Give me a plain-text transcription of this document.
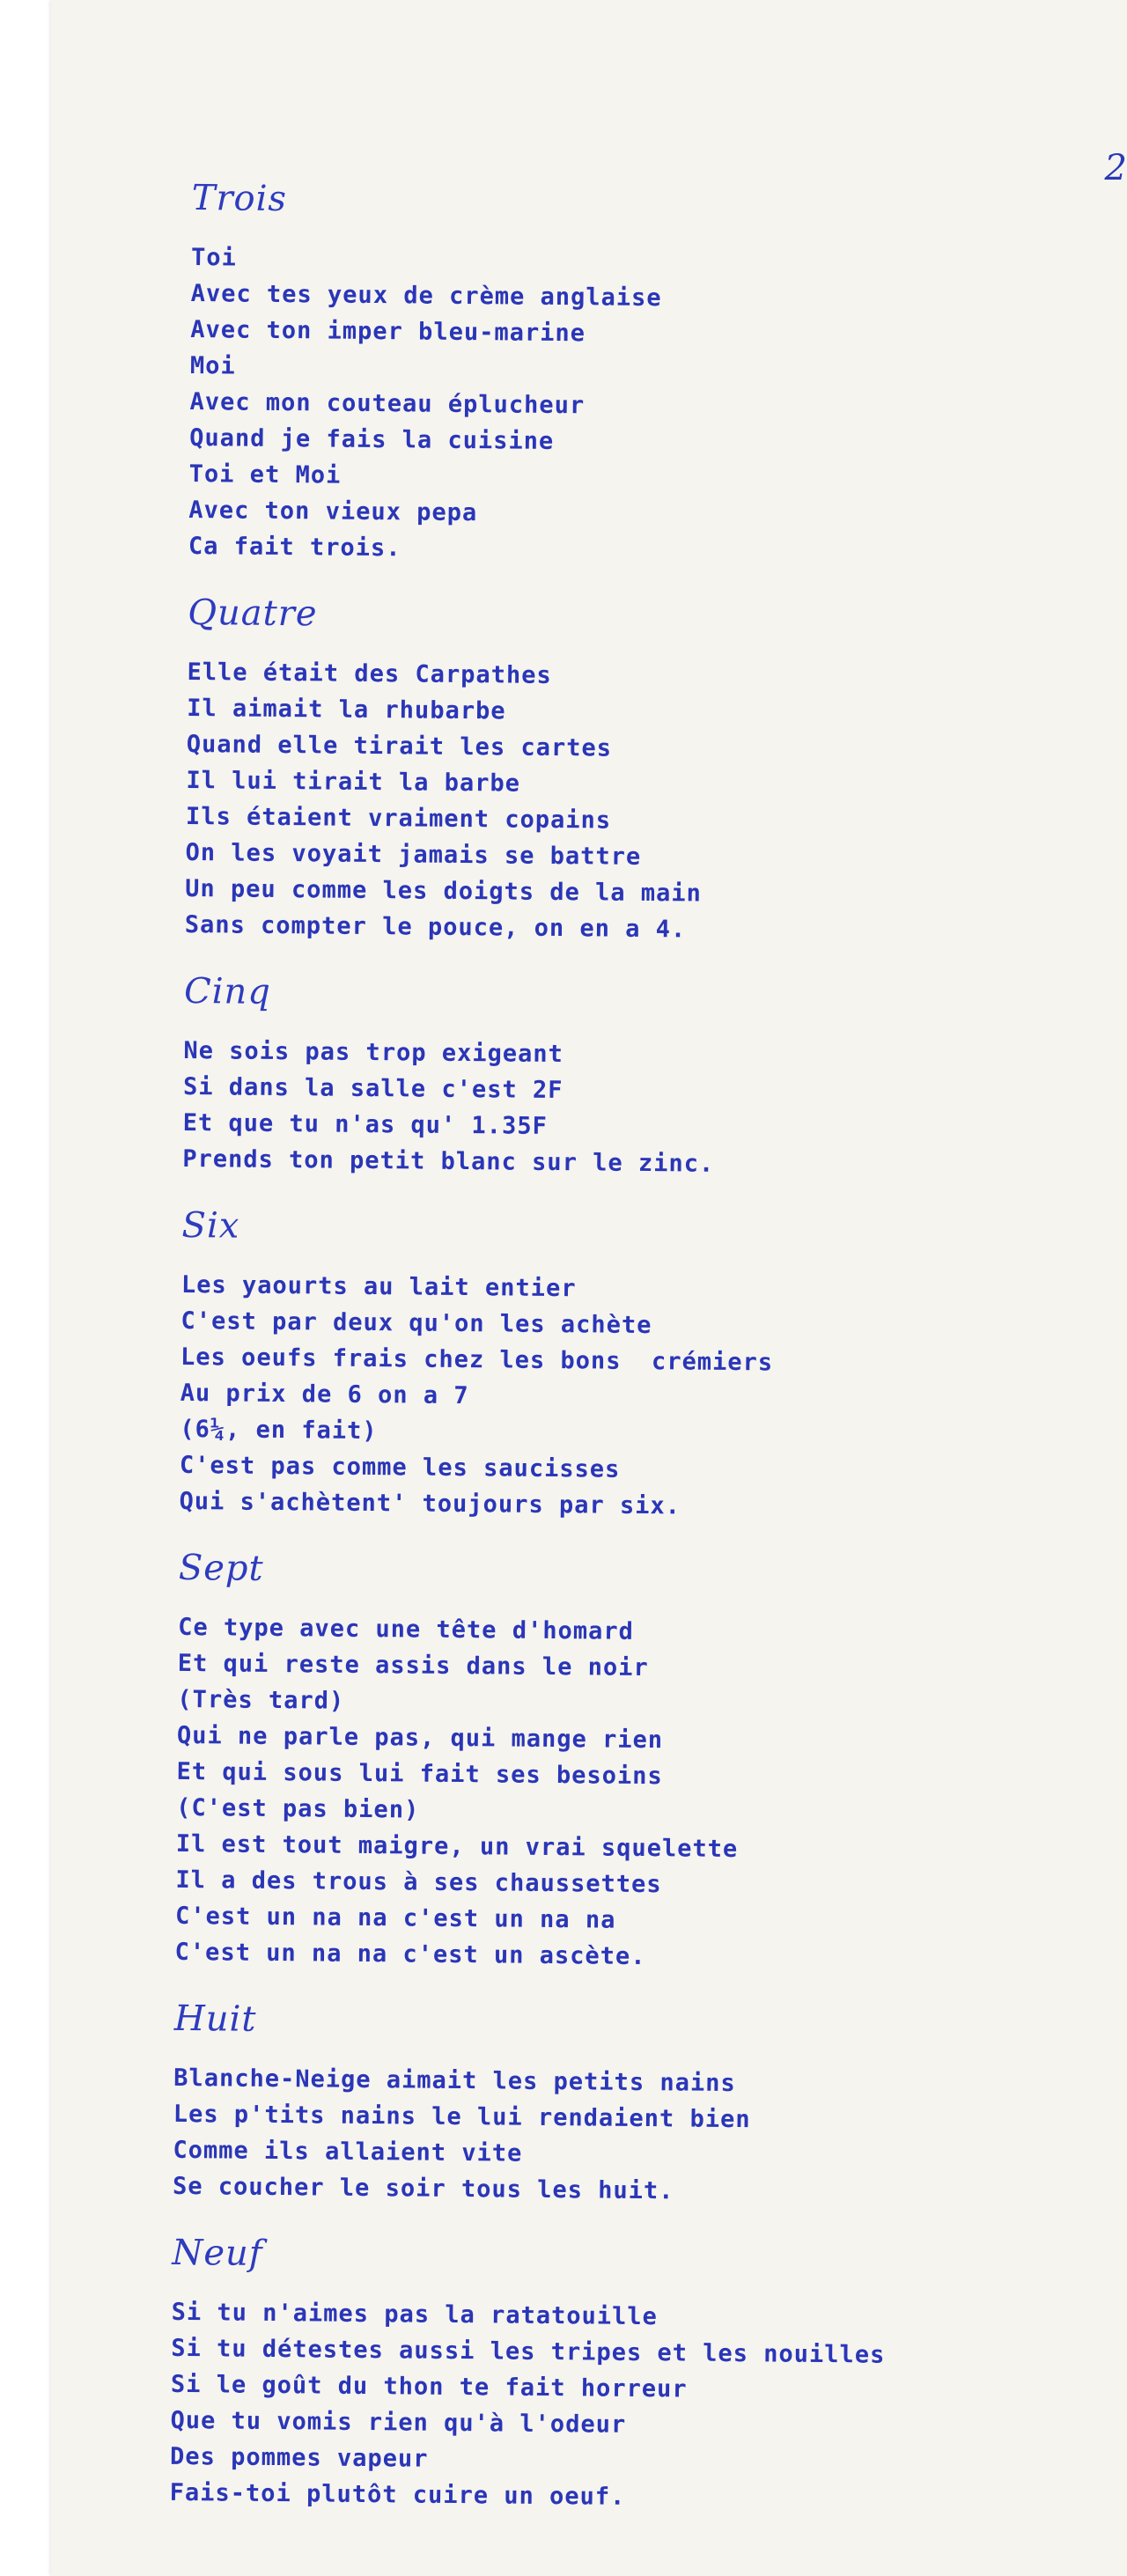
2
Trois
Toi
Avec tes yeux de crème anglaise
Avec ton imper bleu-marine
Moi
Avec mon couteau éplucheur
Quand je fais la cuisine
Toi et Moi
Avec ton vieux pepa
Ca fait trois.
Quatre
Elle était des Carpathes
Il aimait la rhubarbe
Quand elle tirait les cartes
Il lui tirait la barbe
Ils étaient vraiment copains
On les voyait jamais se battre
Un peu comme les doigts de la main
Sans compter le pouce, on en a 4.
Cinq
Ne sois pas trop exigeant
Si dans la salle c'est 2F
Et que tu n'as qu' 1.35F
Prends ton petit blanc sur le zinc.
Six
Les yaourts au lait entier
C'est par deux qu'on les achète
Les oeufs frais chez les bons  crémiers
Au prix de 6 on a 7
(6¼, en fait)
C'est pas comme les saucisses
Qui s'achètent' toujours par six.
Sept
Ce type avec une tête d'homard
Et qui reste assis dans le noir
(Très tard)
Qui ne parle pas, qui mange rien
Et qui sous lui fait ses besoins
(C'est pas bien)
Il est tout maigre, un vrai squelette
Il a des trous à ses chaussettes
C'est un na na c'est un na na
C'est un na na c'est un ascète.
Huit
Blanche-Neige aimait les petits nains
Les p'tits nains le lui rendaient bien
Comme ils allaient vite
Se coucher le soir tous les huit.
Neuf
Si tu n'aimes pas la ratatouille
Si tu détestes aussi les tripes et les nouilles
Si le goût du thon te fait horreur
Que tu vomis rien qu'à l'odeur
Des pommes vapeur
Fais-toi plutôt cuire un oeuf.
